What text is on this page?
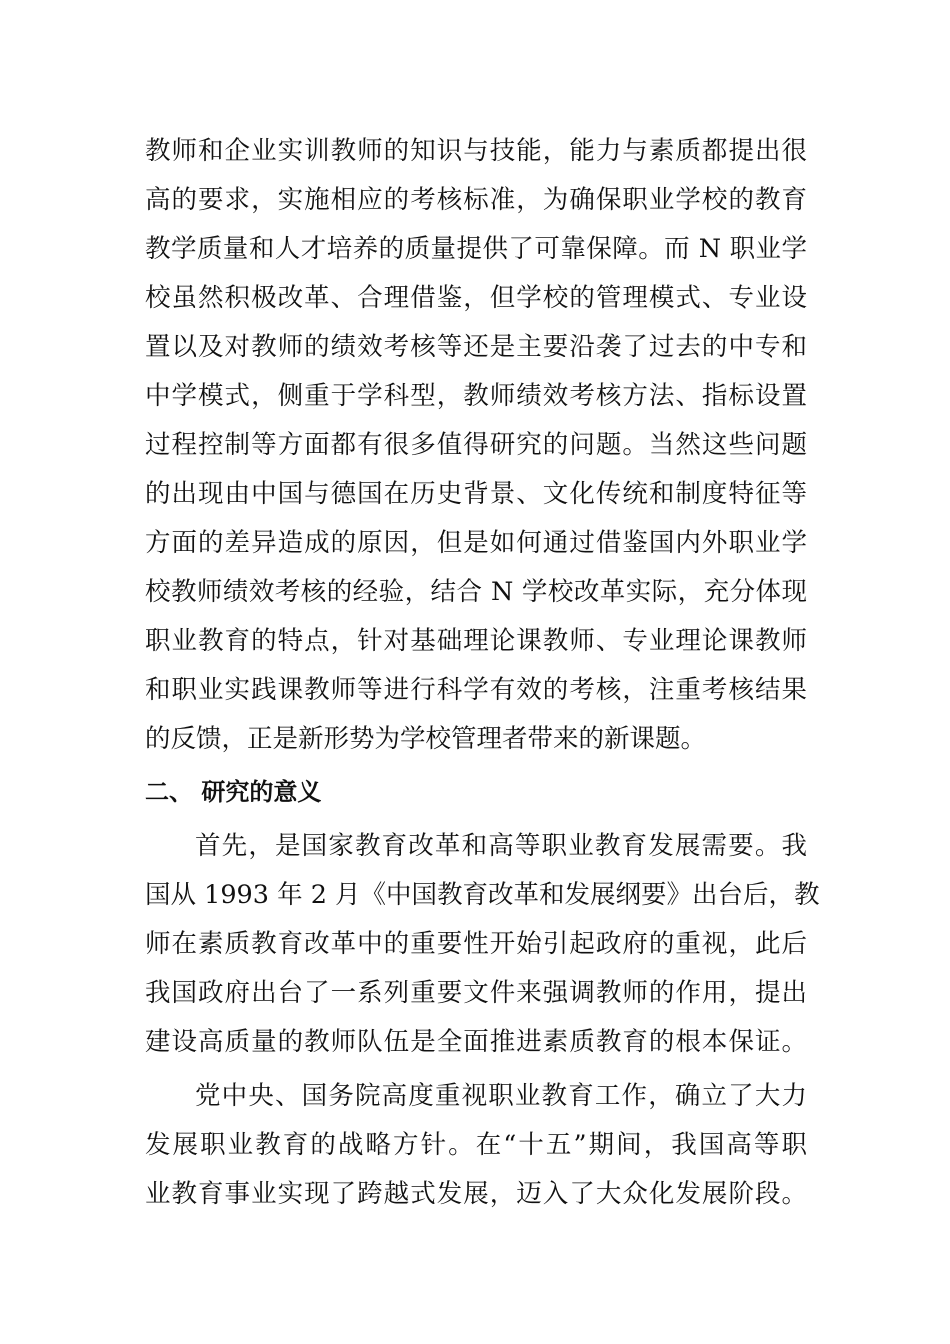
教师和企业实训教师的知识与技能，能力与素质都提出很
高的要求，实施相应的考核标准，为确保职业学校的教育
教学质量和人才培养的质量提供了可靠保障。而 N 职业学
校虽然积极改革、合理借鉴，但学校的管理模式、专业设
置以及对教师的绩效考核等还是主要沿袭了过去的中专和
中学模式，侧重于学科型，教师绩效考核方法、指标设置
过程控制等方面都有很多值得研究的问题。当然这些问题
的出现由中国与德国在历史背景、文化传统和制度特征等
方面的差异造成的原因，但是如何通过借鉴国内外职业学
校教师绩效考核的经验，结合 N 学校改革实际，充分体现
职业教育的特点，针对基础理论课教师、专业理论课教师
和职业实践课教师等进行科学有效的考核，注重考核结果
的反馈，正是新形势为学校管理者带来的新课题。
二、 研究的意义
首先，是国家教育改革和高等职业教育发展需要。我
国从 1993 年 2 月《中国教育改革和发展纲要》出台后，教
师在素质教育改革中的重要性开始引起政府的重视，此后
我国政府出台了一系列重要文件来强调教师的作用，提出
建设高质量的教师队伍是全面推进素质教育的根本保证。
党中央、国务院高度重视职业教育工作，确立了大力
发展职业教育的战略方针。在“十五”期间，我国高等职
业教育事业实现了跨越式发展，迈入了大众化发展阶段。
